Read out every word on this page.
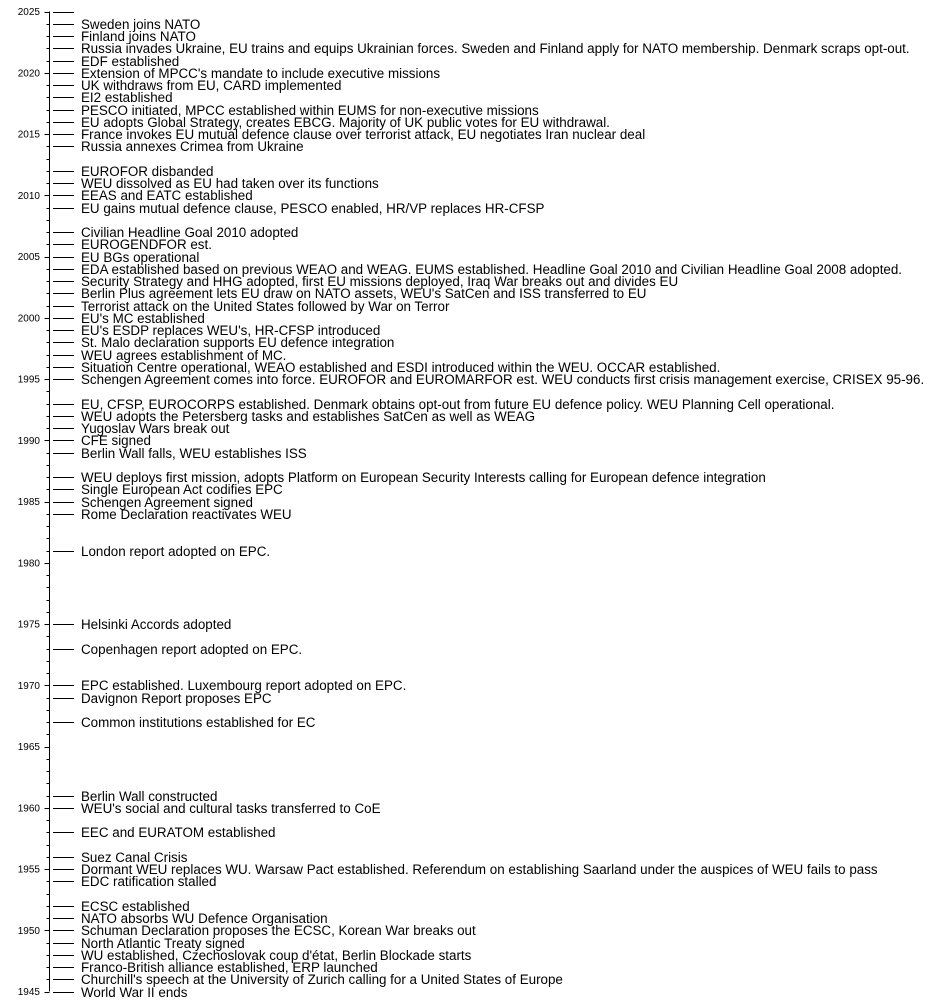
1945
1950
1955
1960
1965
1970
1975
1980
1985
1990
1995
2000
2005
2010
2015
2020
2025
Sweden joins NATO
Finland joins NATO
Russia invades Ukraine, EU trains and equips Ukrainian forces. Sweden and Finland apply for NATO membership. Denmark scraps opt-out.
EDF established
Extension of MPCC's mandate to include executive missions
UK withdraws from EU, CARD implemented
EI2 established
PESCO initiated, MPCC established within EUMS for non-executive missions
EU adopts Global Strategy, creates EBCG. Majority of UK public votes for EU withdrawal.
France invokes EU mutual defence clause over terrorist attack, EU negotiates Iran nuclear deal
Russia annexes Crimea from Ukraine
EUROFOR disbanded
WEU dissolved as EU had taken over its functions
EEAS and EATC established
EU gains mutual defence clause, PESCO enabled, HR/VP replaces HR-CFSP
Civilian Headline Goal 2010 adopted
EUROGENDFOR est.
EU BGs operational
EDA established based on previous WEAO and WEAG. EUMS established. Headline Goal 2010 and Civilian Headline Goal 2008 adopted.
Security Strategy and HHG adopted, first EU missions deployed, Iraq War breaks out and divides EU
Berlin Plus agreement lets EU draw on NATO assets, WEU's SatCen and ISS transferred to EU
Terrorist attack on the United States followed by War on Terror
EU's MC established
EU's ESDP replaces WEU's, HR-CFSP introduced
St. Malo declaration supports EU defence integration
WEU agrees establishment of MC.
Situation Centre operational, WEAO established and ESDI introduced within the WEU. OCCAR established.
Schengen Agreement comes into force. EUROFOR and EUROMARFOR est. WEU conducts first crisis management exercise, CRISEX 95-96.
EU, CFSP, EUROCORPS established. Denmark obtains opt-out from future EU defence policy. WEU Planning Cell operational.
WEU adopts the Petersberg tasks and establishes SatCen as well as WEAG
Yugoslav Wars break out
CFE signed
Berlin Wall falls, WEU establishes ISS
WEU deploys first mission, adopts Platform on European Security Interests calling for European defence integration
Single European Act codifies EPC
Schengen Agreement signed
Rome Declaration reactivates WEU
London report adopted on EPC.
Helsinki Accords adopted
Copenhagen report adopted on EPC.
EPC established. Luxembourg report adopted on EPC.
Davignon Report proposes EPC
Common institutions established for EC
Berlin Wall constructed
WEU's social and cultural tasks transferred to CoE
EEC and EURATOM established
Suez Canal Crisis
Dormant WEU replaces WU. Warsaw Pact established. Referendum on establishing Saarland under the auspices of WEU fails to pass
EDC ratification stalled
ECSC established
NATO absorbs WU Defence Organisation
Schuman Declaration proposes the ECSC, Korean War breaks out
North Atlantic Treaty signed
WU established, Czechoslovak coup d'état, Berlin Blockade starts
Franco-British alliance established, ERP launched
Churchill's speech at the University of Zurich calling for a United States of Europe
World War II ends
